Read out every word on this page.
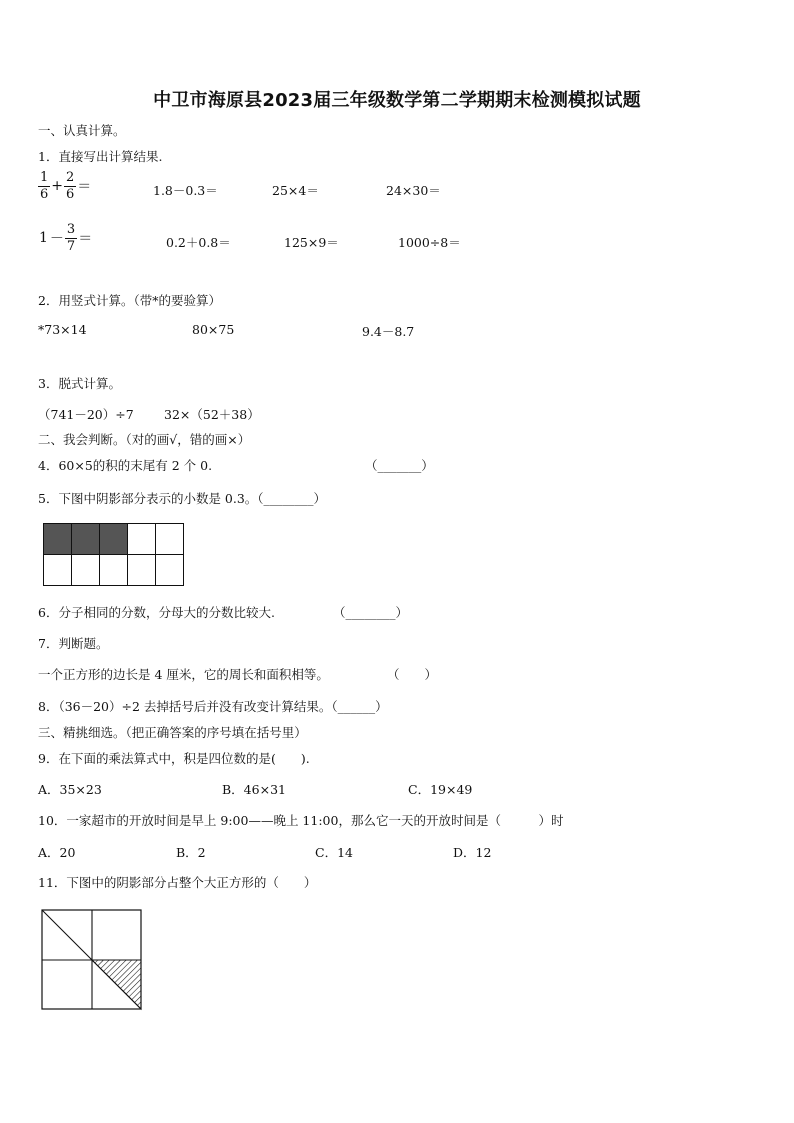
中卫市海原县2023届三年级数学第二学期期末检测模拟试题
一、认真计算。
1．直接写出计算结果.
$\frac{1}{6} + \frac{2}{6}$ ＝	1.8－0.3＝	25×4＝	24×30＝
$1 - \frac{3}{7}$ ＝	0.2＋0.8＝	125×9＝	1000÷8＝
2．用竖式计算。（带*的要验算）
*73×14	80×75	9.4－8.7
3．脱式计算。
（741－20）÷7 32×（52＋38）
二、我会判断。（对的画√，错的画×）
4．60×5的积的末尾有 2 个 0.	（_______）
5．下图中阴影部分表示的小数是 0.3。（________）
6．分子相同的分数，分母大的分数比较大.	（________）
7．判断题。
一个正方形的边长是 4 厘米，它的周长和面积相等。	（　　）
8．（36－20）÷2 去掉括号后并没有改变计算结果。（______）
三、精挑细选。（把正确答案的序号填在括号里）
9．在下面的乘法算式中，积是四位数的是(　　).
A．35×23	B．46×31	C．19×49
10．一家超市的开放时间是早上 9:00——晚上 11:00，那么它一天的开放时间是（　　　）时
A．20	B．2	C．14	D．12
11．下图中的阴影部分占整个大正方形的（　　）
